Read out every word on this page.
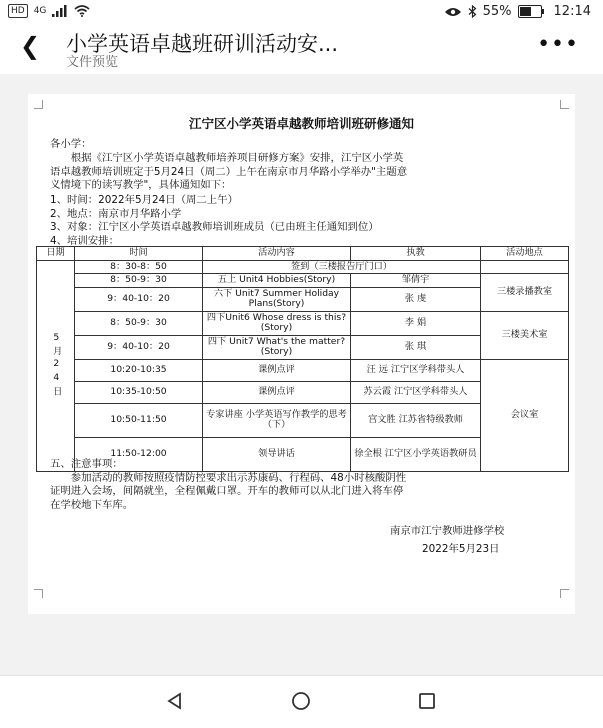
HD	4G	55%	12:14
❮ 小学英语卓越班研训活动安...
文件预览
•••
江宁区小学英语卓越教师培训班研修通知
各小学：
根据《江宁区小学英语卓越教师培养项目研修方案》安排，江宁区小学英
语卓越教师培训班定于5月24日（周二）上午在南京市月华路小学举办"主题意
义情境下的读写教学"，具体通知如下：
1、时间：2022年5月24日（周二上午）
2、地点：南京市月华路小学
3、对象：江宁区小学英语卓越教师培训班成员（已由班主任通知到位）
4、培训安排：
日期	时间	活动内容	执教	活动地点
5月24日	8：30-8：50	签到（三楼报告厅门口）		
	8：50-9：30	五上 Unit4 Hobbies(Story)	邹倩宇	三楼录播教室
	9：40-10：20	六下 Unit7 Summer Holiday Plans(Story)	张 虔	
	8：50-9：30	四下Unit6 Whose dress is this?(Story)	李 娟	三楼美术室
	9：40-10：20	四下 Unit7 What's the matter?(Story)	张 琪	
	10:20-10:35	课例点评	汪 远 江宁区学科带头人	会议室
	10:35-10:50	课例点评	苏云霞 江宁区学科带头人	
	10:50-11:50	专家讲座 小学英语写作教学的思考（下）	宫文胜 江苏省特级教师	
	11:50-12:00	领导讲话	徐全根 江宁区小学英语教研员	
五、注意事项：
参加活动的教师按照疫情防控要求出示苏康码、行程码、48小时核酸阴性
证明进入会场，间隔就坐，全程佩戴口罩。开车的教师可以从北门进入将车停
在学校地下车库。
南京市江宁教师进修学校
2022年5月23日
